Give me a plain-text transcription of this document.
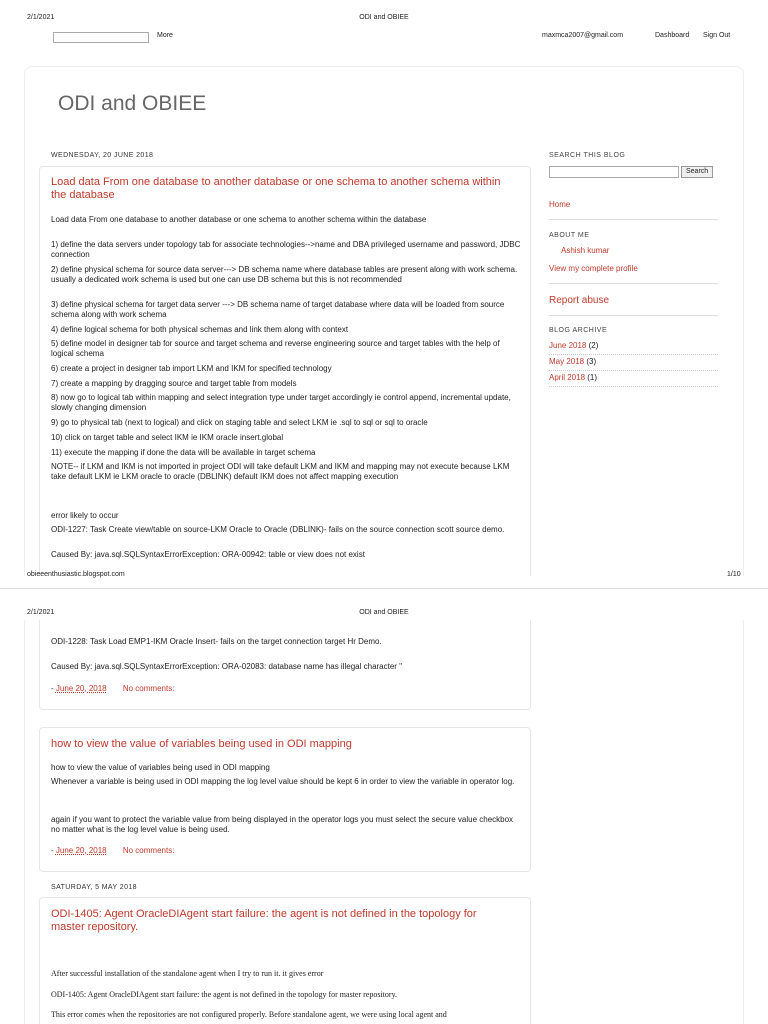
2/1/2021	ODI and OBIEE
More	maxmca2007@gmail.com	Dashboard Sign Out
ODI and OBIEE
WEDNESDAY, 20 JUNE 2018
Load data From one database to another database or one schema to another schema within the database
Load data From one database to another database or one schema to another schema within the database
1) define the data servers under topology tab for associate technologies-->name and DBA privileged username and password, JDBC connection
2) define physical schema for source data server---> DB schema name where database tables are present along with work schema. usually a dedicated work schema is used but one can use DB schema but this is not recommended
3) define physical schema for target data server ---> DB schema name of target database where data will be loaded from source schema along with work schema
4) define logical schema for both physical schemas and link them along with context
5) define model in designer tab for source and target schema and reverse engineering source and target tables with the help of logical schema
6) create a project in designer tab import LKM and IKM for specified technology
7) create a mapping by dragging source and target table from models
8) now go to logical tab within mapping and select integration type under target accordingly ie control append, incremental update, slowly changing dimension
9) go to physical tab (next to logical) and click on staging table and select LKM ie .sql to sql or sql to oracle
10) click on target table and select IKM ie IKM oracle insert.global
11) execute the mapping if done the data will be available in target schema
NOTE-- if LKM and IKM is not imported in project ODI will take default LKM and IKM and mapping may not execute because LKM take default LKM ie LKM oracle to oracle (DBLINK) default IKM does not affect mapping execution
error likely to occur
ODI-1227: Task Create view/table on source-LKM Oracle to Oracle (DBLINK)- fails on the source connection scott source demo.
Caused By: java.sql.SQLSyntaxErrorException: ORA-00942: table or view does not exist
SEARCH THIS BLOG
Search
Home
ABOUT ME
Ashish kumar
View my complete profile
Report abuse
BLOG ARCHIVE
June 2018 (2)
May 2018 (3)
April 2018 (1)
obieeenthusiastic.blogspot.com	1/10
2/1/2021	ODI and OBIEE
ODI-1228: Task Load EMP1-IKM Oracle Insert- fails on the target connection target Hr Demo.
Caused By: java.sql.SQLSyntaxErrorException: ORA-02083: database name has illegal character ''
- June 20, 2018 No comments:
how to view the value of variables being used in ODI mapping
how to view the value of variables being used in ODI mapping
Whenever a variable is being used in ODI mapping the log level value should be kept 6 in order to view the variable in operator log.
again if you want to protect the variable value from being displayed in the operator logs you must select the secure value checkbox no matter what is the log level value is being used.
- June 20, 2018 No comments:
SATURDAY, 5 MAY 2018
ODI-1405: Agent OracleDIAgent start failure: the agent is not defined in the topology for master repository.
After successful installation of the standalone agent when I try to run it. it gives error
ODI-1405: Agent OracleDIAgent start failure: the agent is not defined in the topology for master repository.
This error comes when the repositories are not configured properly. Before standalone agent, we were using local agent and
